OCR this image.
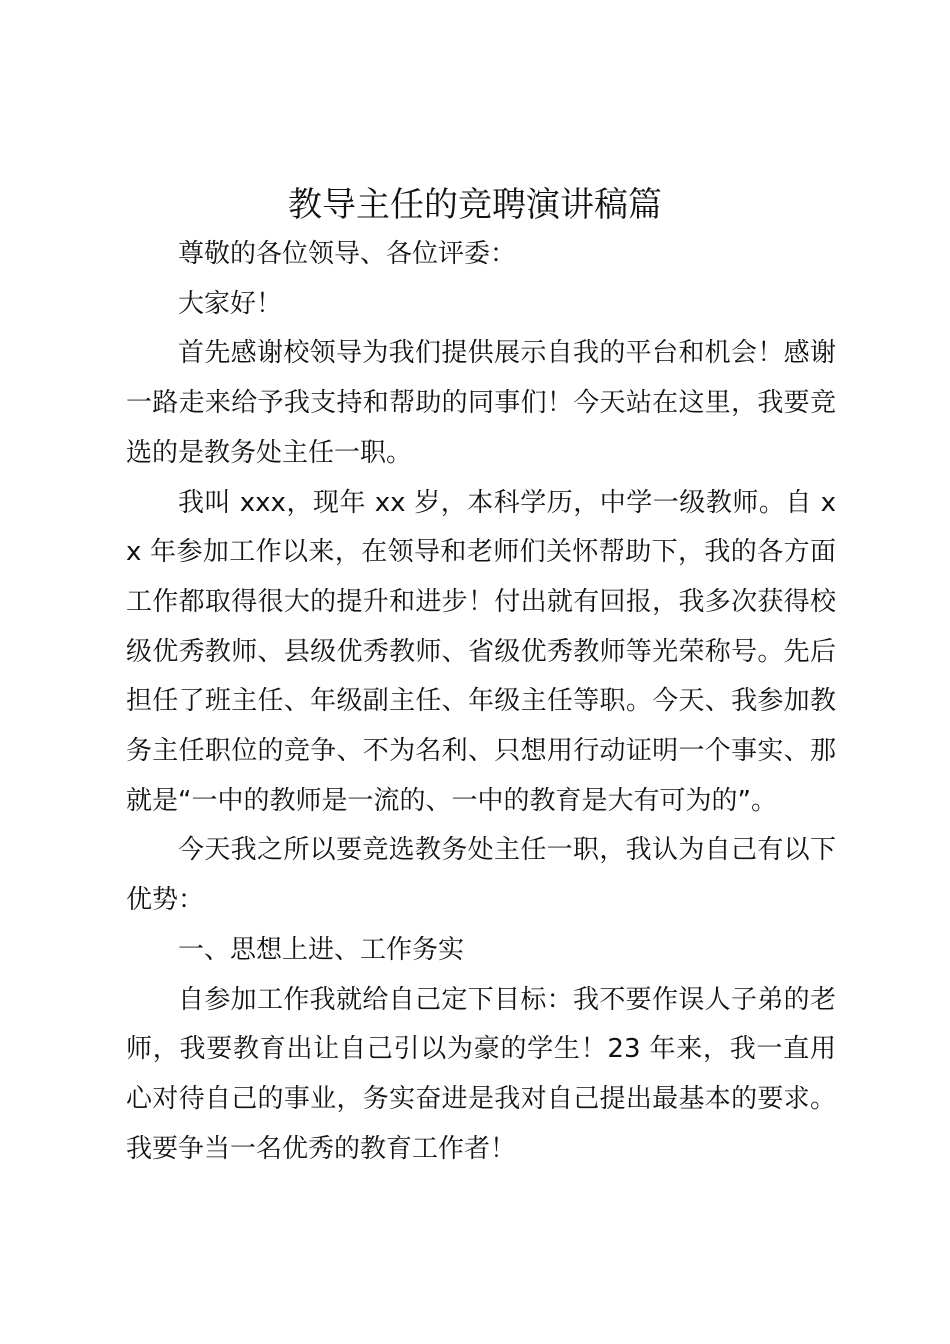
教导主任的竞聘演讲稿篇

尊敬的各位领导、各位评委：

大家好！

首先感谢校领导为我们提供展示自我的平台和机会！感谢一路走来给予我支持和帮助的同事们！今天站在这里，我要竞选的是教务处主任一职。

我叫 xxx，现年 xx 岁，本科学历，中学一级教师。自 xx 年参加工作以来，在领导和老师们关怀帮助下，我的各方面工作都取得很大的提升和进步！付出就有回报，我多次获得校级优秀教师、县级优秀教师、省级优秀教师等光荣称号。先后担任了班主任、年级副主任、年级主任等职。今天、我参加教务主任职位的竞争、不为名利、只想用行动证明一个事实、那就是“一中的教师是一流的、一中的教育是大有可为的”。

今天我之所以要竞选教务处主任一职，我认为自己有以下优势：

一、思想上进、工作务实

自参加工作我就给自己定下目标：我不要作误人子弟的老师，我要教育出让自己引以为豪的学生！23 年来，我一直用心对待自己的事业，务实奋进是我对自己提出最基本的要求。我要争当一名优秀的教育工作者！
